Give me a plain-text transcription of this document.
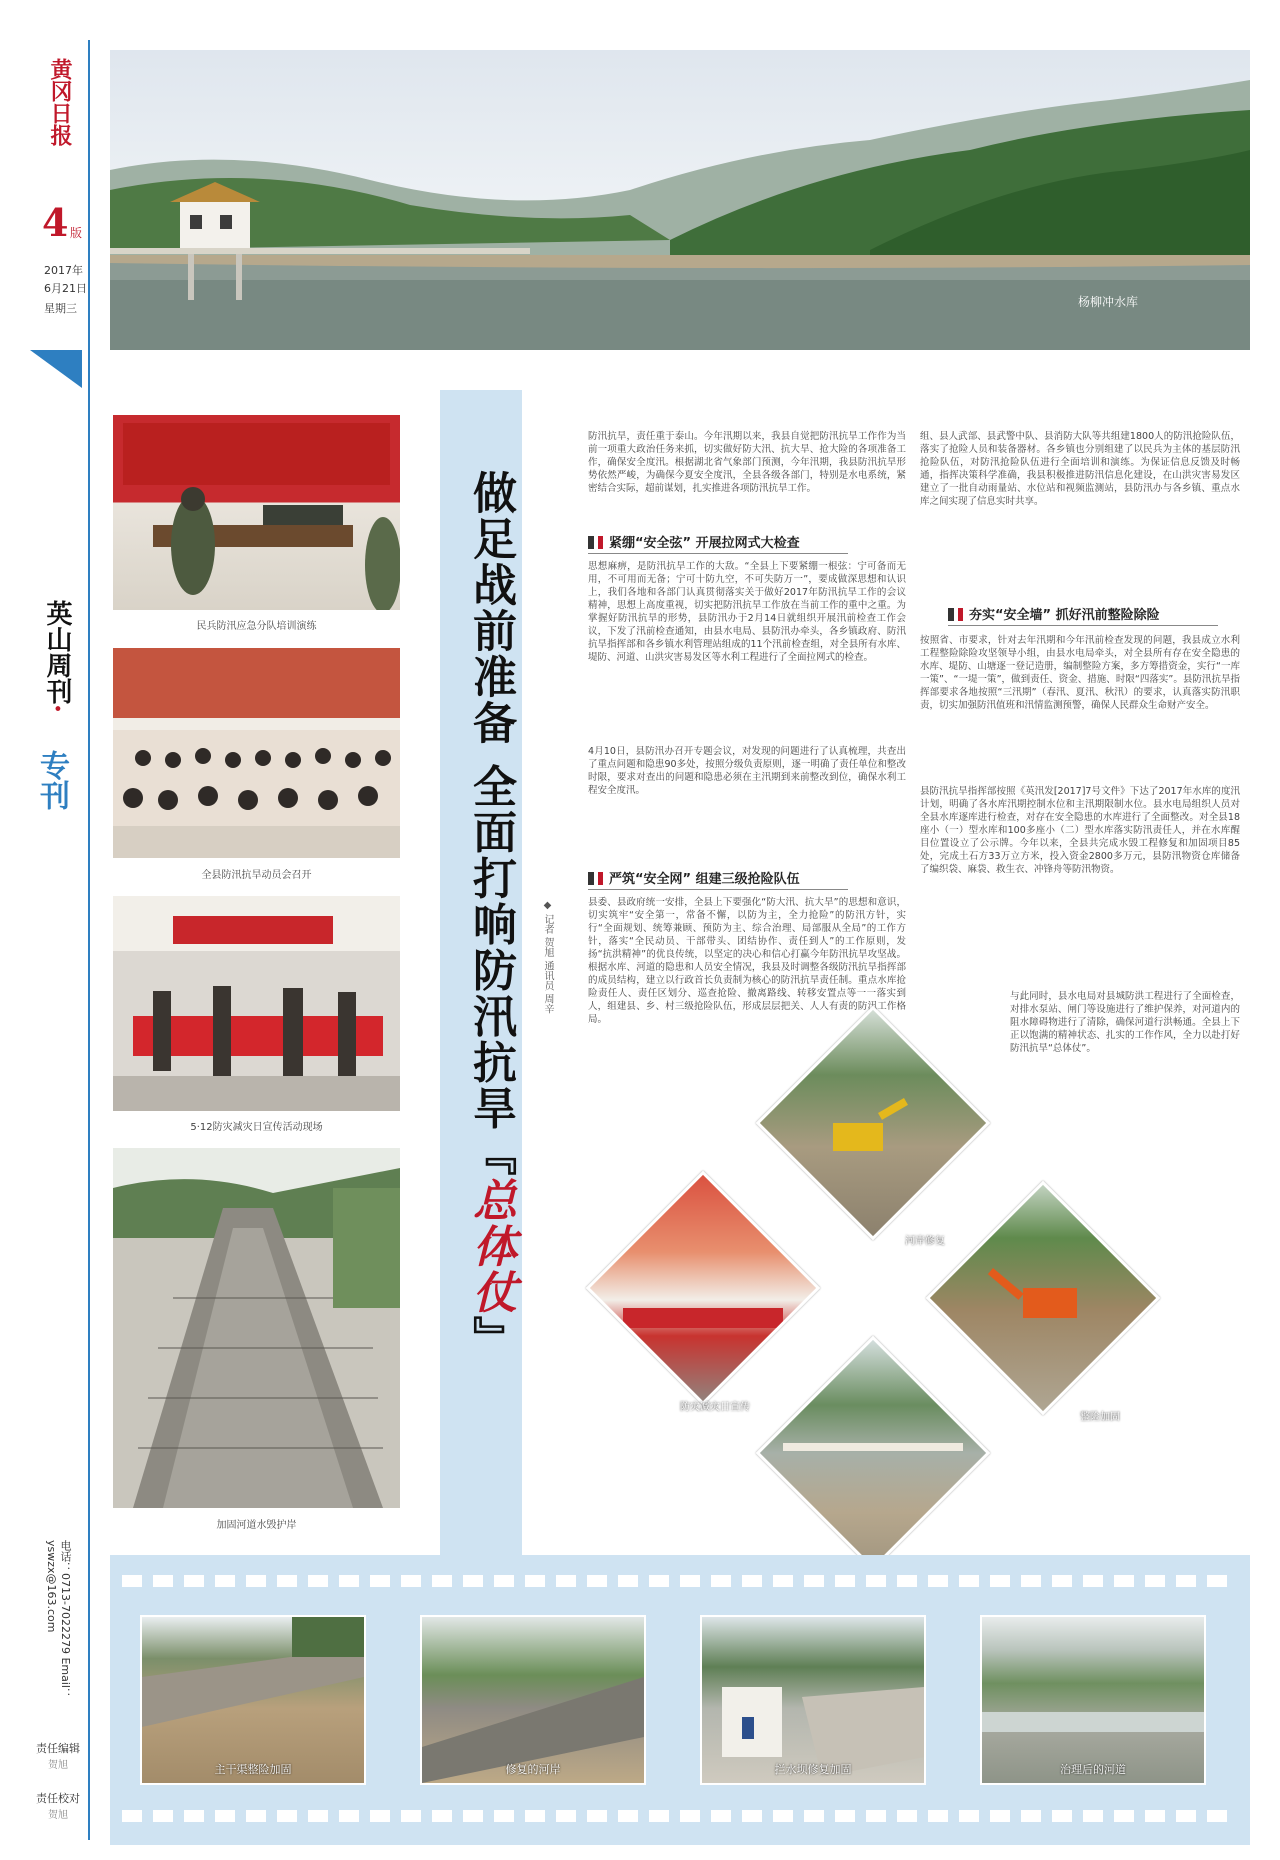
黄冈日报
4 版
2017年
6月21日
星期三
英山周刊·
专刊
电话：0713-7022279 Email：yswzx@163.com
责任编辑
贺旭
责任校对
贺旭
杨柳冲水库
民兵防汛应急分队培训演练
全县防汛抗旱动员会召开
5·12防灾减灾日宣传活动现场
加固河道水毁护岸
做足战前准备 全面打响防汛抗旱『总体仗』
◆ 记者 贺旭 通讯员 周辛
防汛抗旱，责任重于泰山。今年汛期以来，我县自觉把防汛抗旱工作作为当前一项重大政治任务来抓，切实做好防大汛、抗大旱、抢大险的各项准备工作，确保安全度汛。根据湖北省气象部门预测，今年汛期，我县防汛抗旱形势依然严峻，为确保今夏安全度汛，全县各级各部门，特别是水电系统，紧密结合实际，超前谋划，扎实推进各项防汛抗旱工作。
紧绷“安全弦” 开展拉网式大检查
思想麻痹，是防汛抗旱工作的大敌。“全县上下要紧绷一根弦：宁可备而无用，不可用而无备；宁可十防九空，不可失防万一”，要成做深思想和认识上，我们各地和各部门认真贯彻落实关于做好2017年防汛抗旱工作的会议精神，思想上高度重视，切实把防汛抗旱工作放在当前工作的重中之重。为掌握好防汛抗旱的形势，县防汛办于2月14日就组织开展汛前检查工作会议，下发了汛前检查通知，由县水电局、县防汛办牵头，各乡镇政府、防汛抗旱指挥部和各乡镇水利管理站组成的11个汛前检查组，对全县所有水库、堤防、河道、山洪灾害易发区等水利工程进行了全面拉网式的检查。
4月10日，县防汛办召开专题会议，对发现的问题进行了认真梳理，共查出了重点问题和隐患90多处，按照分级负责原则，逐一明确了责任单位和整改时限，要求对查出的问题和隐患必须在主汛期到来前整改到位，确保水利工程安全度汛。
严筑“安全网” 组建三级抢险队伍
县委、县政府统一安排，全县上下要强化“防大汛、抗大旱”的思想和意识，切实筑牢“安全第一，常备不懈，以防为主，全力抢险”的防汛方针，实行“全面规划、统筹兼顾、预防为主、综合治理、局部服从全局”的工作方针，落实“全民动员、干部带头、团结协作、责任到人”的工作原则，发扬“抗洪精神”的优良传统，以坚定的决心和信心打赢今年防汛抗旱攻坚战。根据水库、河道的隐患和人员安全情况，我县及时调整各级防汛抗旱指挥部的成员结构，建立以行政首长负责制为核心的防汛抗旱责任制。重点水库抢险责任人、责任区划分、巡查抢险、撤离路线、转移安置点等一一落实到人，组建县、乡、村三级抢险队伍，形成层层把关、人人有责的防汛工作格局。
组、县人武部、县武警中队、县消防大队等共组建1800人的防汛抢险队伍，落实了抢险人员和装备器材。各乡镇也分别组建了以民兵为主体的基层防汛抢险队伍，对防汛抢险队伍进行全面培训和演练。为保证信息反馈及时畅通，指挥决策科学准确，我县积极推进防汛信息化建设，在山洪灾害易发区建立了一批自动雨量站、水位站和视频监测站，县防汛办与各乡镇、重点水库之间实现了信息实时共享。
夯实“安全墙” 抓好汛前整险除险
按照省、市要求，针对去年汛期和今年汛前检查发现的问题，我县成立水利工程整险除险攻坚领导小组，由县水电局牵头，对全县所有存在安全隐患的水库、堤防、山塘逐一登记造册，编制整险方案，多方筹措资金，实行“一库一策”、“一堤一策”，做到责任、资金、措施、时限“四落实”。县防汛抗旱指挥部要求各地按照“三汛期”（春汛、夏汛、秋汛）的要求，认真落实防汛职责，切实加强防汛值班和汛情监测预警，确保人民群众生命财产安全。
县防汛抗旱指挥部按照《英汛发[2017]7号文件》下达了2017年水库的度汛计划，明确了各水库汛期控制水位和主汛期限制水位。县水电局组织人员对全县水库逐库进行检查，对存在安全隐患的水库进行了全面整改。对全县18座小（一）型水库和100多座小（二）型水库落实防汛责任人，并在水库醒目位置设立了公示牌。今年以来，全县共完成水毁工程修复和加固项目85处，完成土石方33万立方米，投入资金2800多万元，县防汛物资仓库储备了编织袋、麻袋、救生衣、冲锋舟等防汛物资。
与此同时，县水电局对县城防洪工程进行了全面检查，对排水泵站、闸门等设施进行了维护保养，对河道内的阻水障碍物进行了清除，确保河道行洪畅通。全县上下正以饱满的精神状态、扎实的工作作风，全力以赴打好防汛抗旱“总体仗”。
河岸修复
防灾减灾日宣传
整险加固
主干渠整险加固	修复的河岸	拦水坝修复加固	治理后的河道
